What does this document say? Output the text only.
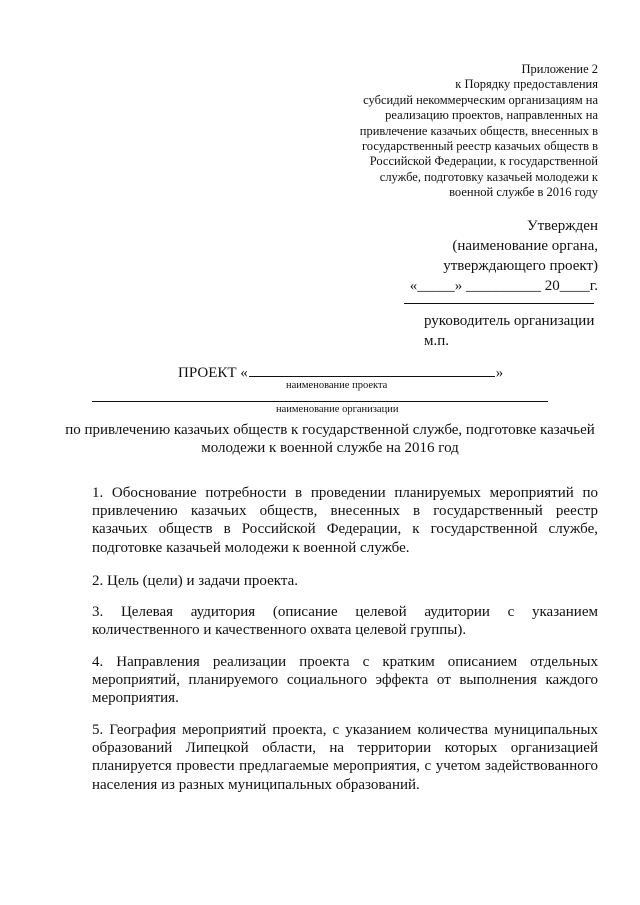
Приложение 2
к Порядку предоставления
субсидий некоммерческим организациям на
реализацию проектов, направленных на
привлечение казачьих обществ, внесенных в
государственный реестр казачьих обществ в
Российской Федерации, к государственной
службе, подготовку казачьей молодежи к
военной службе в 2016 году
Утвержден
(наименование органа,
утверждающего проект)
«_____» __________ 20____г.
руководитель организации
м.п.
ПРОЕКТ «	»
наименование проекта
наименование организации
по привлечению казачьих обществ к государственной службе, подготовке казачьей молодежи к военной службе на 2016 год
1. Обоснование потребности в проведении планируемых мероприятий по привлечению казачьих обществ, внесенных в государственный реестр казачьих обществ в Российской Федерации, к государственной службе, подготовке казачьей молодежи к военной службе.
2. Цель (цели) и задачи проекта.
3. Целевая аудитория (описание целевой аудитории с указанием количественного и качественного охвата целевой группы).
4. Направления реализации проекта с кратким описанием отдельных мероприятий, планируемого социального эффекта от выполнения каждого мероприятия.
5. География мероприятий проекта, с указанием количества муниципальных образований Липецкой области, на территории которых организацией планируется провести предлагаемые мероприятия, с учетом задействованного населения из разных муниципальных образований.
